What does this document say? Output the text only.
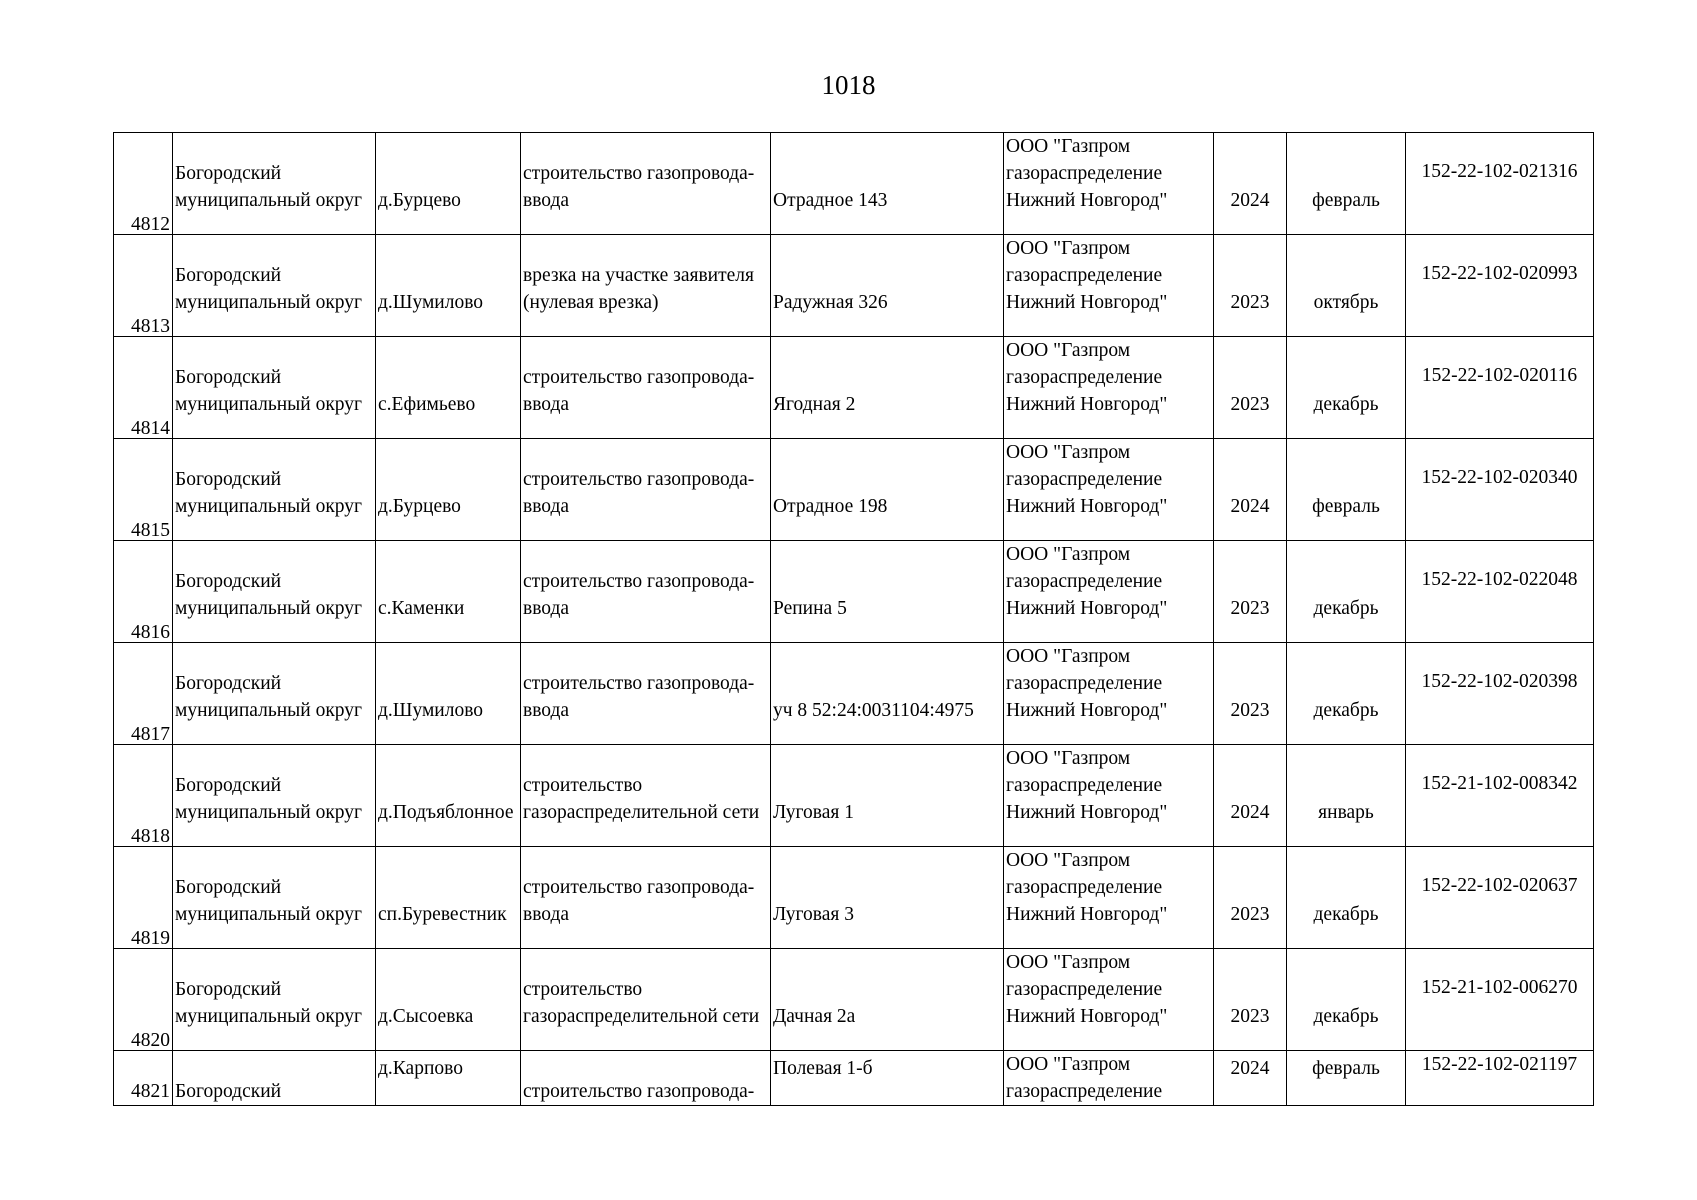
1018
4812	Богородский
муниципальный округ	д.Бурцево	строительство газопровода-
ввода	Отрадное 143	ООО "Газпром
газораспределение
Нижний Новгород"	2024	февраль	152-22-102-021316

4813	Богородский
муниципальный округ	д.Шумилово	врезка на участке заявителя
(нулевая врезка)	Радужная 326	ООО "Газпром
газораспределение
Нижний Новгород"	2023	октябрь	152-22-102-020993

4814	Богородский
муниципальный округ	с.Ефимьево	строительство газопровода-
ввода	Ягодная 2	ООО "Газпром
газораспределение
Нижний Новгород"	2023	декабрь	152-22-102-020116

4815	Богородский
муниципальный округ	д.Бурцево	строительство газопровода-
ввода	Отрадное 198	ООО "Газпром
газораспределение
Нижний Новгород"	2024	февраль	152-22-102-020340

4816	Богородский
муниципальный округ	с.Каменки	строительство газопровода-
ввода	Репина 5	ООО "Газпром
газораспределение
Нижний Новгород"	2023	декабрь	152-22-102-022048

4817	Богородский
муниципальный округ	д.Шумилово	строительство газопровода-
ввода	уч 8 52:24:0031104:4975	ООО "Газпром
газораспределение
Нижний Новгород"	2023	декабрь	152-22-102-020398

4818	Богородский
муниципальный округ	д.Подъяблонное	строительство
газораспределительной сети	Луговая 1	ООО "Газпром
газораспределение
Нижний Новгород"	2024	январь	152-21-102-008342

4819	Богородский
муниципальный округ	сп.Буревестник	строительство газопровода-
ввода	Луговая 3	ООО "Газпром
газораспределение
Нижний Новгород"	2023	декабрь	152-22-102-020637

4820	Богородский
муниципальный округ	д.Сысоевка	строительство
газораспределительной сети	Дачная 2а	ООО "Газпром
газораспределение
Нижний Новгород"	2023	декабрь	152-21-102-006270

4821	Богородский	д.Карпово	строительство газопровода-	Полевая 1-б	ООО "Газпром
газораспределение	2024	февраль	152-22-102-021197
